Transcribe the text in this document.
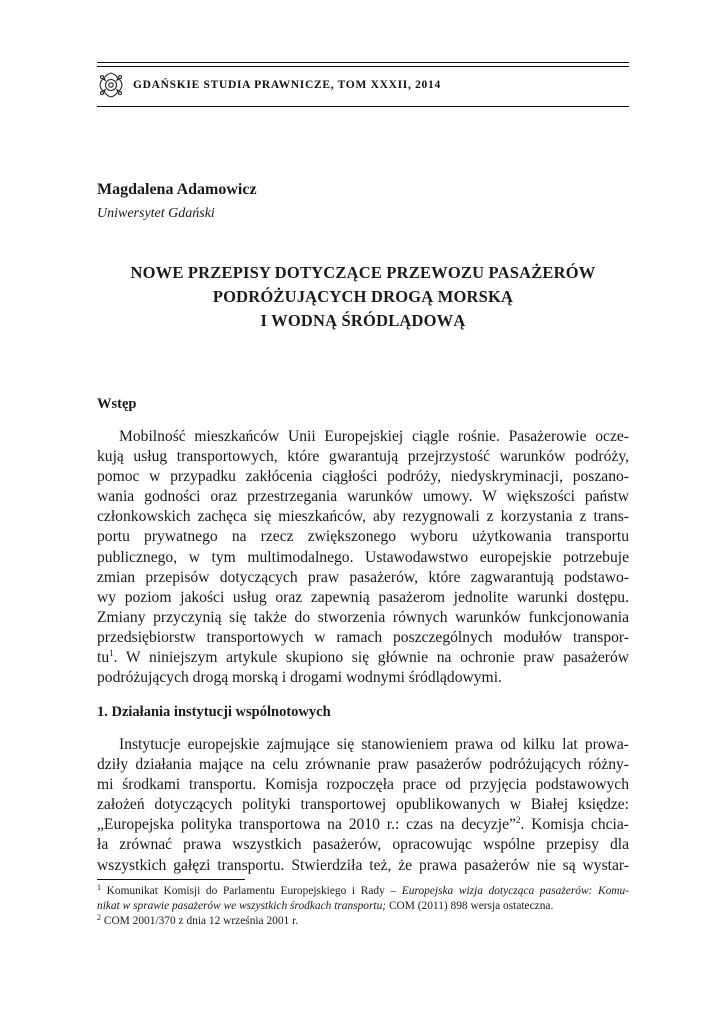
GDAŃSKIE STUDIA PRAWNICZE, TOM XXXII, 2014
Magdalena Adamowicz
Uniwersytet Gdański
NOWE PRZEPISY DOTYCZĄCE PRZEWOZU PASAŻERÓW
PODRÓŻUJĄCYCH DROGĄ MORSKĄ
I WODNĄ ŚRÓDLĄDOWĄ
Wstęp
Mobilność mieszkańców Unii Europejskiej ciągle rośnie. Pasażerowie ocze-
kują usług transportowych, które gwarantują przejrzystość warunków podróży,
pomoc w przypadku zakłócenia ciągłości podróży, niedyskryminacji, poszano-
wania godności oraz przestrzegania warunków umowy. W większości państw
członkowskich zachęca się mieszkańców, aby rezygnowali z korzystania z trans-
portu prywatnego na rzecz zwiększonego wyboru użytkowania transportu
publicznego, w tym multimodalnego. Ustawodawstwo europejskie potrzebuje
zmian przepisów dotyczących praw pasażerów, które zagwarantują podstawo-
wy poziom jakości usług oraz zapewnią pasażerom jednolite warunki dostępu.
Zmiany przyczynią się także do stworzenia równych warunków funkcjonowania
przedsiębiorstw transportowych w ramach poszczególnych modułów transpor-
$tu^1$. W niniejszym artykule skupiono się głównie na ochronie praw pasażerów
podróżujących drogą morską i drogami wodnymi śródlądowymi.
1. Działania instytucji wspólnotowych
Instytucje europejskie zajmujące się stanowieniem prawa od kilku lat prowa-
dziły działania mające na celu zrównanie praw pasażerów podróżujących różny-
mi środkami transportu. Komisja rozpoczęła prace od przyjęcia podstawowych
założeń dotyczących polityki transportowej opublikowanych w Białej księdze:
„Europejska polityka transportowa na 2010 r.: czas na decyzje”$^2$. Komisja chcia-
ła zrównać prawa wszystkich pasażerów, opracowując wspólne przepisy dla
wszystkich gałęzi transportu. Stwierdziła też, że prawa pasażerów nie są wystar-
$^1$ Komunikat Komisji do Parlamentu Europejskiego i Rady – Europejska wizja dotycząca pasażerów: Komu-
nikat w sprawie pasażerów we wszystkich środkach transportu; COM (2011) 898 wersja ostateczna.
$^2$ COM 2001/370 z dnia 12 września 2001 r.
